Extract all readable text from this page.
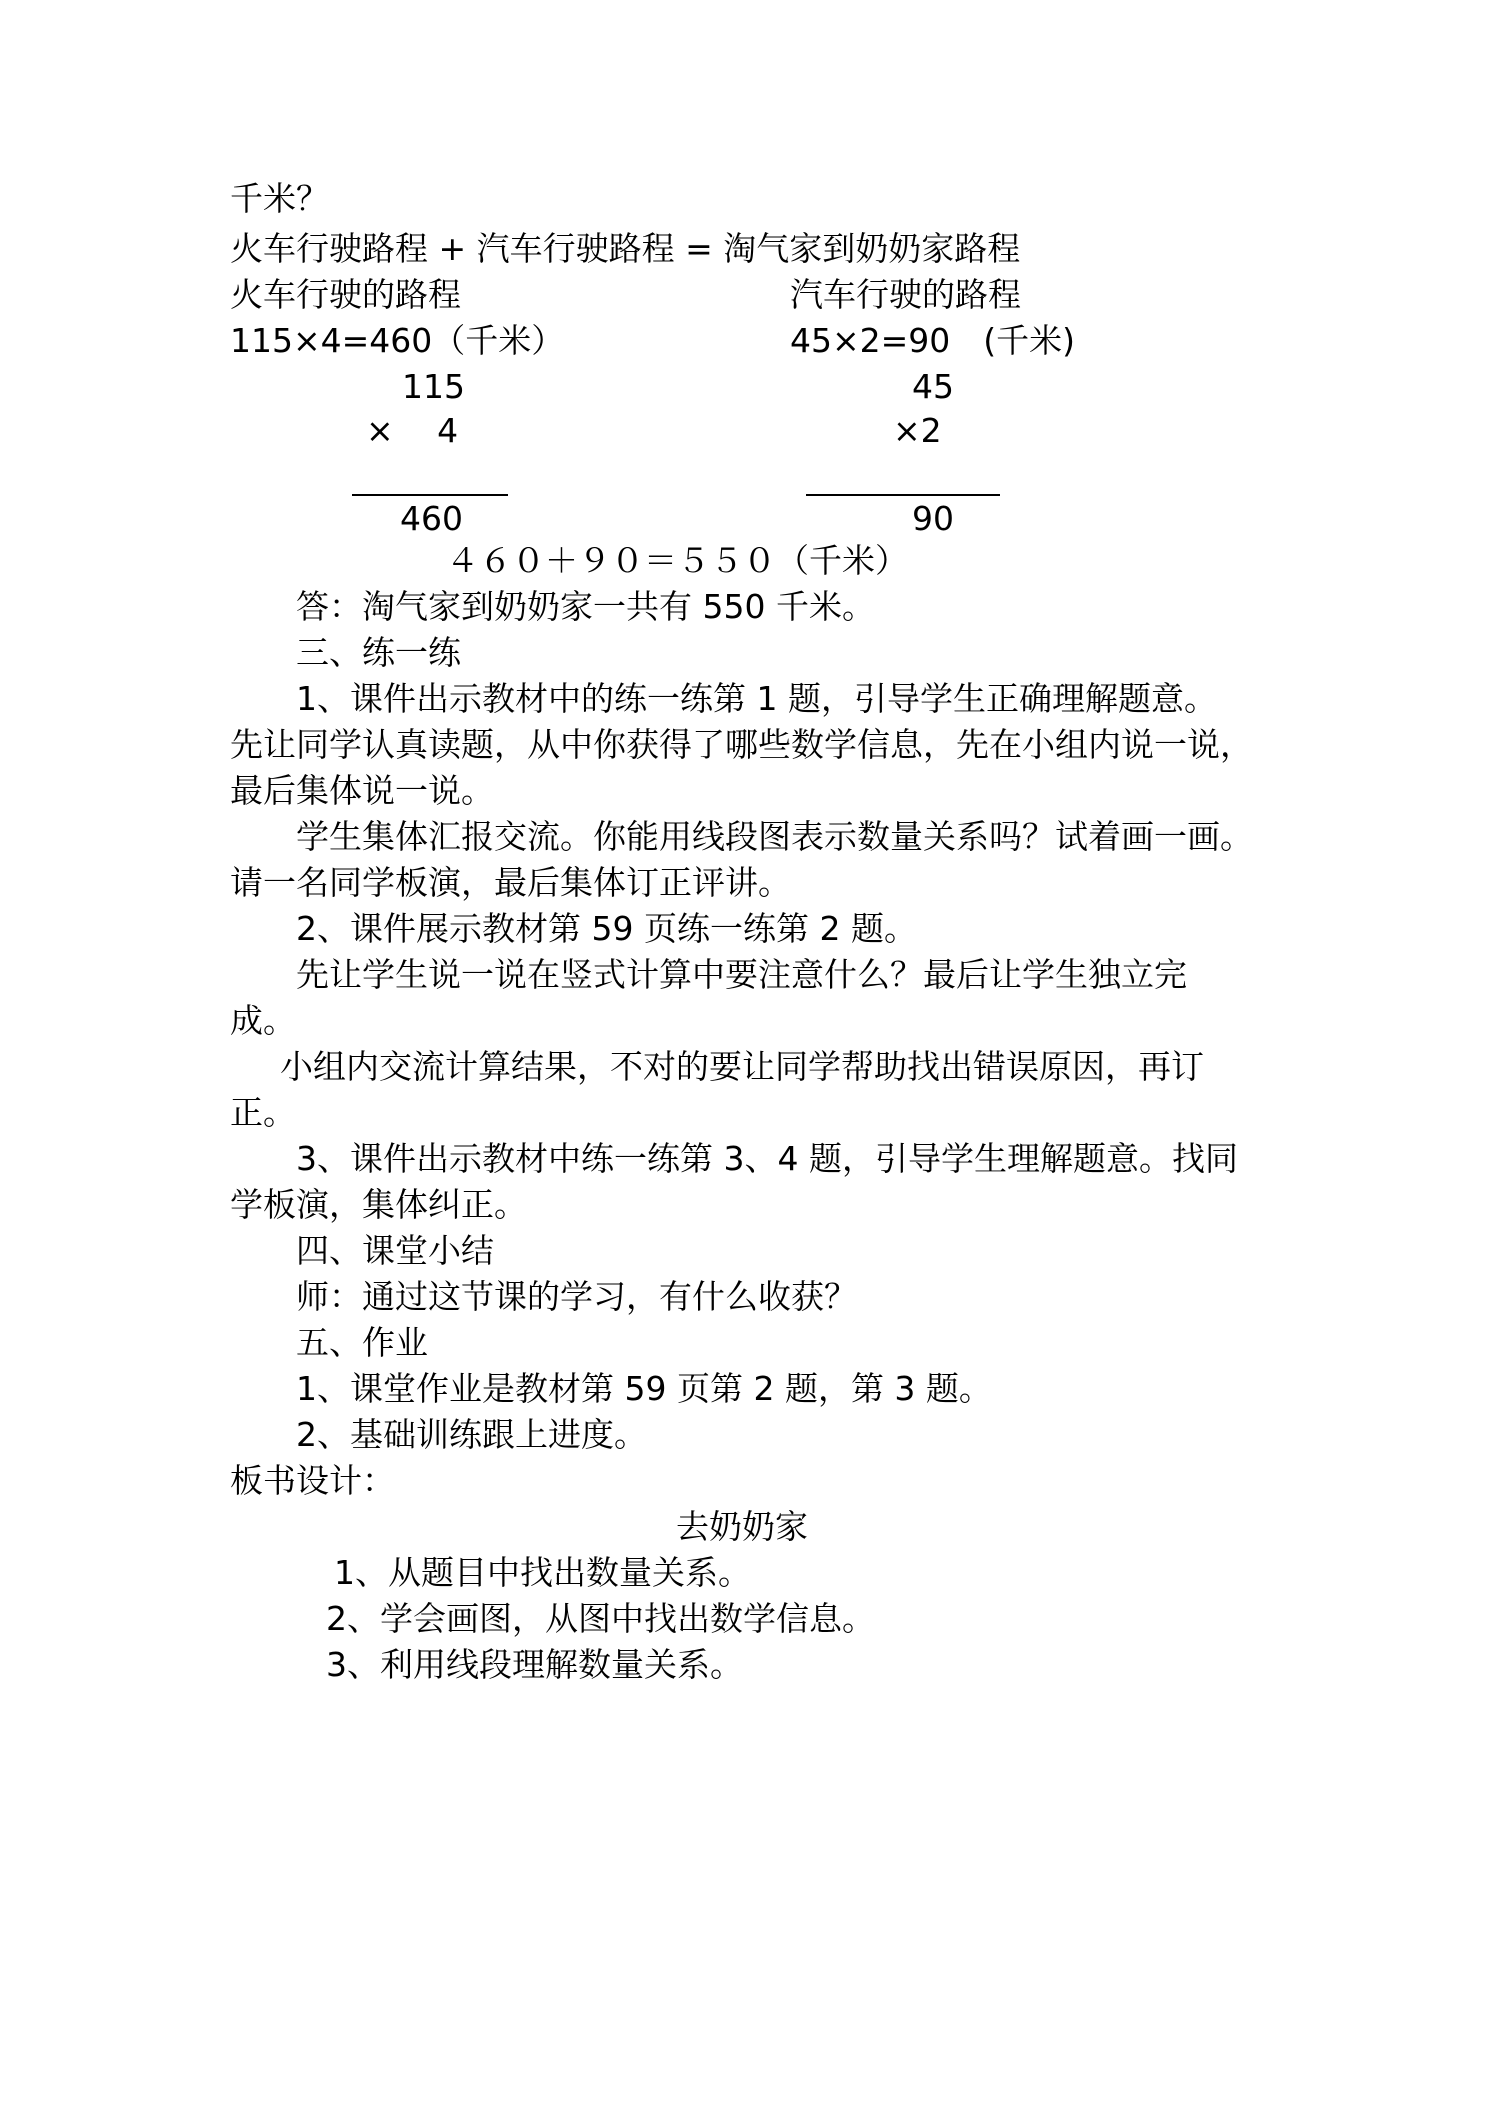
千米？
火车行驶路程 + 汽车行驶路程 = 淘气家到奶奶家路程
火车行驶的路程	汽车行驶的路程
115×4=460（千米）	45×2=90　(千米)
115
×　 4
460
45
×2
90
４６０＋９０＝５５０（千米）
答：淘气家到奶奶家一共有 550 千米。
三、练一练
1、课件出示教材中的练一练第 1 题，引导学生正确理解题意。
先让同学认真读题，从中你获得了哪些数学信息，先在小组内说一说，
最后集体说一说。
学生集体汇报交流。你能用线段图表示数量关系吗？试着画一画。
请一名同学板演，最后集体订正评讲。
2、课件展示教材第 59 页练一练第 2 题。
先让学生说一说在竖式计算中要注意什么？最后让学生独立完
成。
小组内交流计算结果，不对的要让同学帮助找出错误原因，再订
正。
3、课件出示教材中练一练第 3、4 题，引导学生理解题意。找同
学板演，集体纠正。
四、课堂小结
师：通过这节课的学习，有什么收获？
五、作业
1、课堂作业是教材第 59 页第 2 题，第 3 题。
2、基础训练跟上进度。
板书设计：
去奶奶家
1、从题目中找出数量关系。
2、学会画图，从图中找出数学信息。
3、利用线段理解数量关系。
